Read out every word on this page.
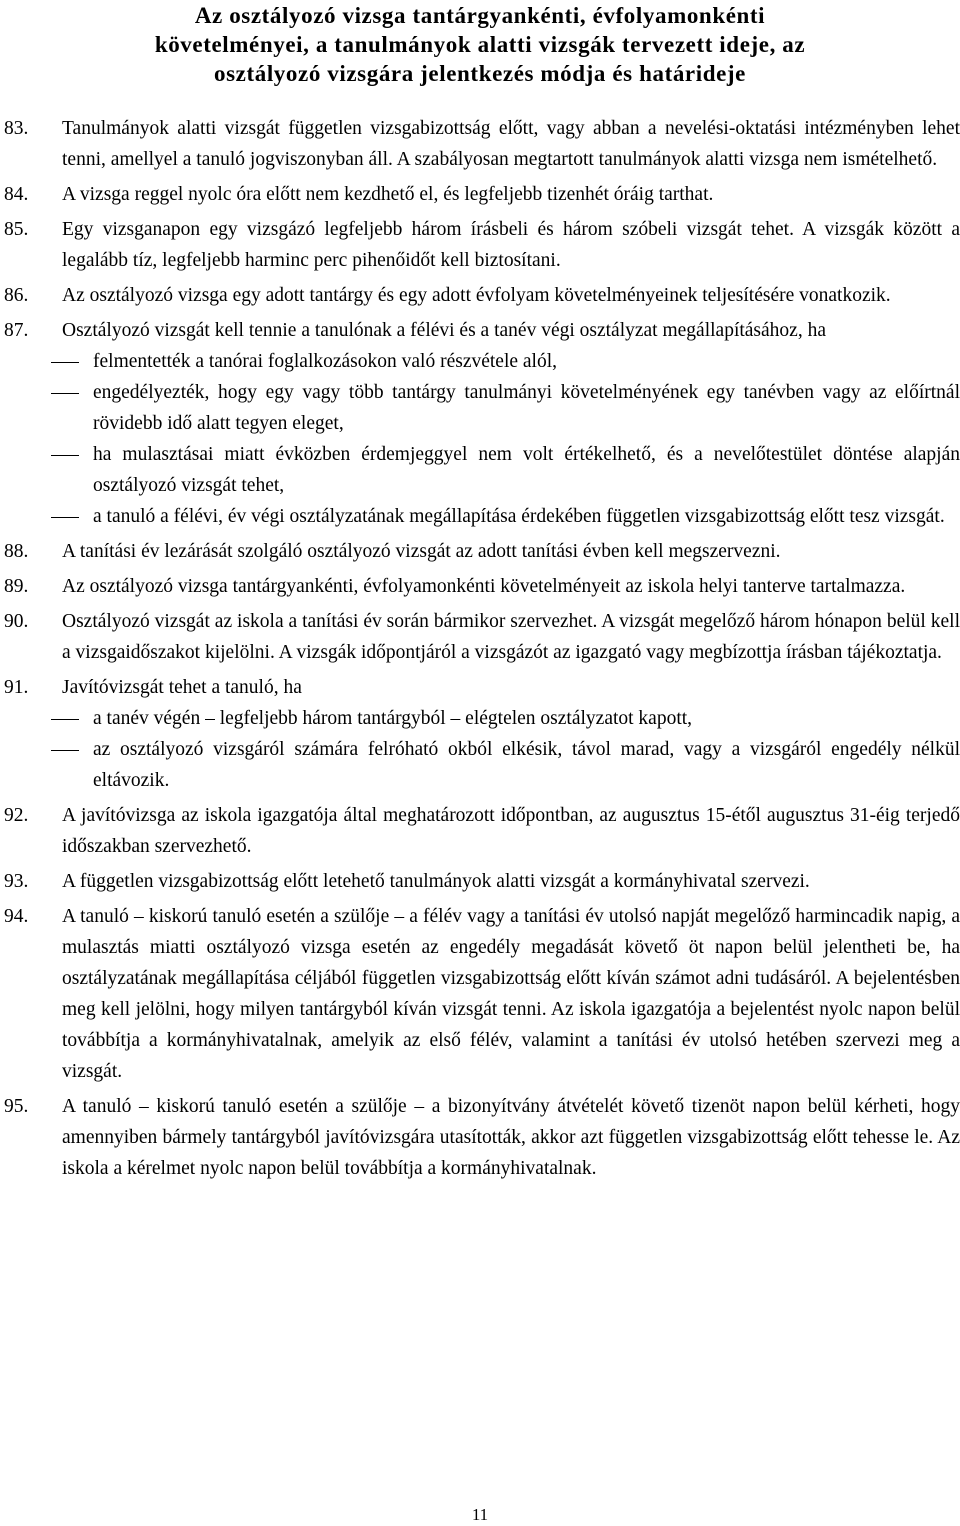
Az osztályozó vizsga tantárgyankénti, évfolyamonkénti
követelményei, a tanulmányok alatti vizsgák tervezett ideje, az
osztályozó vizsgára jelentkezés módja és határideje
83. Tanulmányok alatti vizsgát független vizsgabizottság előtt, vagy abban a nevelési-oktatási intézményben lehet tenni, amellyel a tanuló jogviszonyban áll. A szabályosan megtartott tanulmányok alatti vizsga nem ismételhető.
84. A vizsga reggel nyolc óra előtt nem kezdhető el, és legfeljebb tizenhét óráig tarthat.
85. Egy vizsganapon egy vizsgázó legfeljebb három írásbeli és három szóbeli vizsgát tehet. A vizsgák között a legalább tíz, legfeljebb harminc perc pihenőidőt kell biztosítani.
86. Az osztályozó vizsga egy adott tantárgy és egy adott évfolyam követelményeinek teljesítésére vonatkozik.
87. Osztályozó vizsgát kell tennie a tanulónak a félévi és a tanév végi osztályzat megállapításához, ha
felmentették a tanórai foglalkozásokon való részvétele alól,
engedélyezték, hogy egy vagy több tantárgy tanulmányi követelményének egy tanévben vagy az előírtnál rövidebb idő alatt tegyen eleget,
ha mulasztásai miatt évközben érdemjeggyel nem volt értékelhető, és a nevelőtestület döntése alapján osztályozó vizsgát tehet,
a tanuló a félévi, év végi osztályzatának megállapítása érdekében független vizsgabizottság előtt tesz vizsgát.
88. A tanítási év lezárását szolgáló osztályozó vizsgát az adott tanítási évben kell megszervezni.
89. Az osztályozó vizsga tantárgyankénti, évfolyamonkénti követelményeit az iskola helyi tanterve tartalmazza.
90. Osztályozó vizsgát az iskola a tanítási év során bármikor szervezhet. A vizsgát megelőző három hónapon belül kell a vizsgaidőszakot kijelölni. A vizsgák időpontjáról a vizsgázót az igazgató vagy megbízottja írásban tájékoztatja.
91. Javítóvizsgát tehet a tanuló, ha
a tanév végén – legfeljebb három tantárgyból – elégtelen osztályzatot kapott,
az osztályozó vizsgáról számára felróható okból elkésik, távol marad, vagy a vizsgáról engedély nélkül eltávozik.
92. A javítóvizsga az iskola igazgatója által meghatározott időpontban, az augusztus 15-étől augusztus 31-éig terjedő időszakban szervezhető.
93. A független vizsgabizottság előtt letehető tanulmányok alatti vizsgát a kormányhivatal szervezi.
94. A tanuló – kiskorú tanuló esetén a szülője – a félév vagy a tanítási év utolsó napját megelőző harmincadik napig, a mulasztás miatti osztályozó vizsga esetén az engedély megadását követő öt napon belül jelentheti be, ha osztályzatának megállapítása céljából független vizsgabizottság előtt kíván számot adni tudásáról. A bejelentésben meg kell jelölni, hogy milyen tantárgyból kíván vizsgát tenni. Az iskola igazgatója a bejelentést nyolc napon belül továbbítja a kormányhivatalnak, amelyik az első félév, valamint a tanítási év utolsó hetében szervezi meg a vizsgát.
95. A tanuló – kiskorú tanuló esetén a szülője – a bizonyítvány átvételét követő tizenöt napon belül kérheti, hogy amennyiben bármely tantárgyból javítóvizsgára utasították, akkor azt független vizsgabizottság előtt tehesse le. Az iskola a kérelmet nyolc napon belül továbbítja a kormányhivatalnak.
11
